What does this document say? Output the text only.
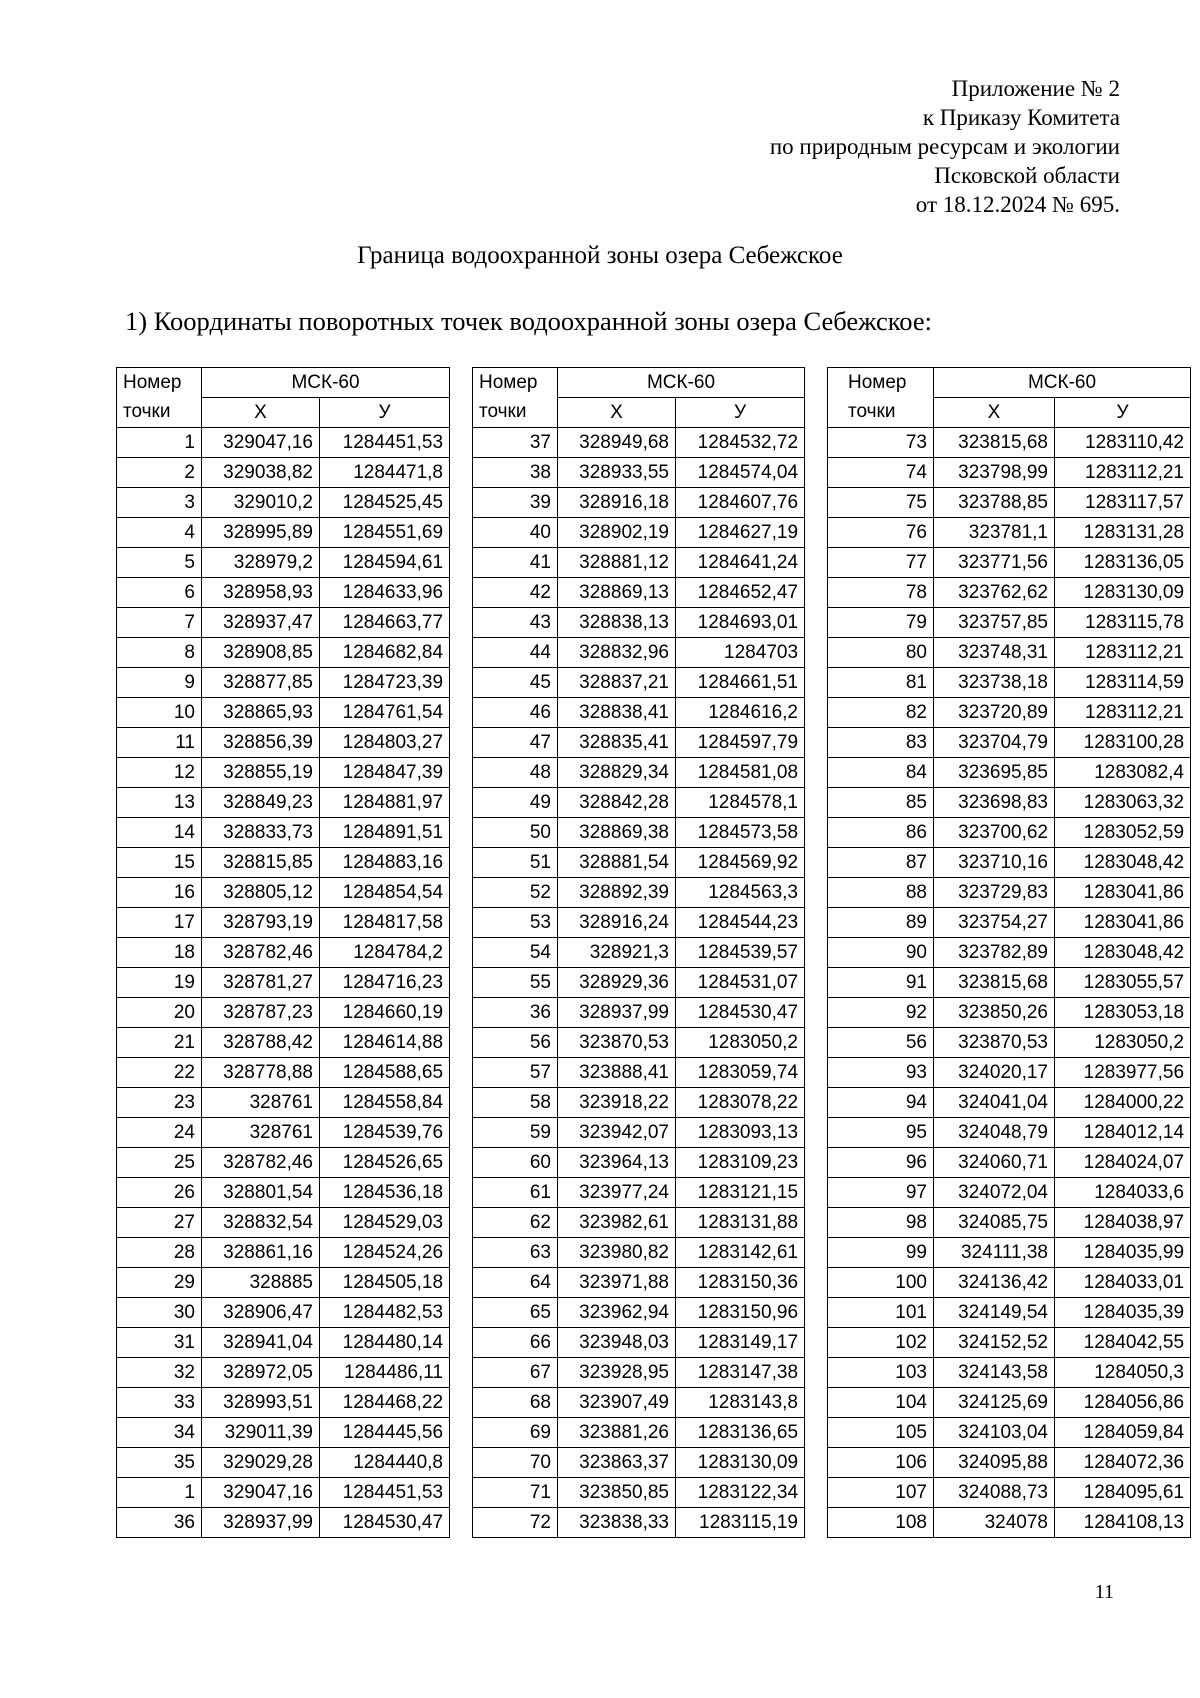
Приложение № 2
к Приказу Комитета
по природным ресурсам и экологии
Псковской области
от 18.12.2024 № 695.
Граница водоохранной зоны озера Себежское
1) Координаты поворотных точек водоохранной зоны озера Себежское:
Номер точки	МСК-60	
	Х	У
1	329047,16	1284451,53
2	329038,82	1284471,8
3	329010,2	1284525,45
4	328995,89	1284551,69
5	328979,2	1284594,61
6	328958,93	1284633,96
7	328937,47	1284663,77
8	328908,85	1284682,84
9	328877,85	1284723,39
10	328865,93	1284761,54
11	328856,39	1284803,27
12	328855,19	1284847,39
13	328849,23	1284881,97
14	328833,73	1284891,51
15	328815,85	1284883,16
16	328805,12	1284854,54
17	328793,19	1284817,58
18	328782,46	1284784,2
19	328781,27	1284716,23
20	328787,23	1284660,19
21	328788,42	1284614,88
22	328778,88	1284588,65
23	328761	1284558,84
24	328761	1284539,76
25	328782,46	1284526,65
26	328801,54	1284536,18
27	328832,54	1284529,03
28	328861,16	1284524,26
29	328885	1284505,18
30	328906,47	1284482,53
31	328941,04	1284480,14
32	328972,05	1284486,11
33	328993,51	1284468,22
34	329011,39	1284445,56
35	329029,28	1284440,8
1	329047,16	1284451,53
36	328937,99	1284530,47
Номер точки	МСК-60	
	Х	У
37	328949,68	1284532,72
38	328933,55	1284574,04
39	328916,18	1284607,76
40	328902,19	1284627,19
41	328881,12	1284641,24
42	328869,13	1284652,47
43	328838,13	1284693,01
44	328832,96	1284703
45	328837,21	1284661,51
46	328838,41	1284616,2
47	328835,41	1284597,79
48	328829,34	1284581,08
49	328842,28	1284578,1
50	328869,38	1284573,58
51	328881,54	1284569,92
52	328892,39	1284563,3
53	328916,24	1284544,23
54	328921,3	1284539,57
55	328929,36	1284531,07
36	328937,99	1284530,47
56	323870,53	1283050,2
57	323888,41	1283059,74
58	323918,22	1283078,22
59	323942,07	1283093,13
60	323964,13	1283109,23
61	323977,24	1283121,15
62	323982,61	1283131,88
63	323980,82	1283142,61
64	323971,88	1283150,36
65	323962,94	1283150,96
66	323948,03	1283149,17
67	323928,95	1283147,38
68	323907,49	1283143,8
69	323881,26	1283136,65
70	323863,37	1283130,09
71	323850,85	1283122,34
72	323838,33	1283115,19
Номер точки	МСК-60	
	Х	У
73	323815,68	1283110,42
74	323798,99	1283112,21
75	323788,85	1283117,57
76	323781,1	1283131,28
77	323771,56	1283136,05
78	323762,62	1283130,09
79	323757,85	1283115,78
80	323748,31	1283112,21
81	323738,18	1283114,59
82	323720,89	1283112,21
83	323704,79	1283100,28
84	323695,85	1283082,4
85	323698,83	1283063,32
86	323700,62	1283052,59
87	323710,16	1283048,42
88	323729,83	1283041,86
89	323754,27	1283041,86
90	323782,89	1283048,42
91	323815,68	1283055,57
92	323850,26	1283053,18
56	323870,53	1283050,2
93	324020,17	1283977,56
94	324041,04	1284000,22
95	324048,79	1284012,14
96	324060,71	1284024,07
97	324072,04	1284033,6
98	324085,75	1284038,97
99	324111,38	1284035,99
100	324136,42	1284033,01
101	324149,54	1284035,39
102	324152,52	1284042,55
103	324143,58	1284050,3
104	324125,69	1284056,86
105	324103,04	1284059,84
106	324095,88	1284072,36
107	324088,73	1284095,61
108	324078	1284108,13
11
